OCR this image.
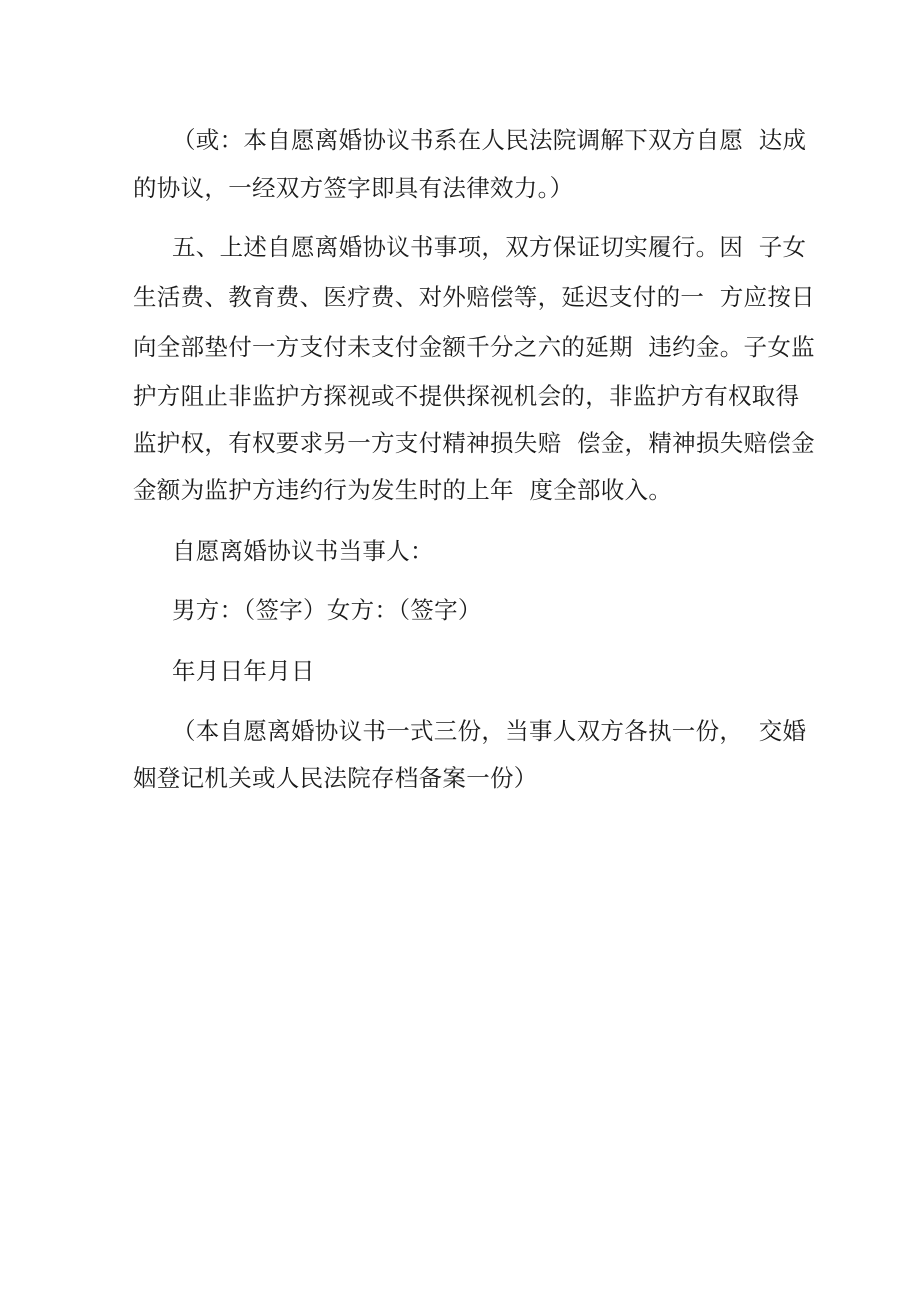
（或：本自愿离婚协议书系在人民法院调解下双方自愿  达成
的协议，一经双方签字即具有法律效力。）
五、上述自愿离婚协议书事项，双方保证切实履行。因  子女
生活费、教育费、医疗费、对外赔偿等，延迟支付的一  方应按日
向全部垫付一方支付未支付金额千分之六的延期  违约金。子女监
护方阻止非监护方探视或不提供探视机会的，非监护方有权取得
监护权，有权要求另一方支付精神损失赔  偿金，精神损失赔偿金
金额为监护方违约行为发生时的上年  度全部收入。
自愿离婚协议书当事人：
男方：（签字）女方：（签字）
年月日年月日
（本自愿离婚协议书一式三份，当事人双方各执一份，  交婚
姻登记机关或人民法院存档备案一份）
